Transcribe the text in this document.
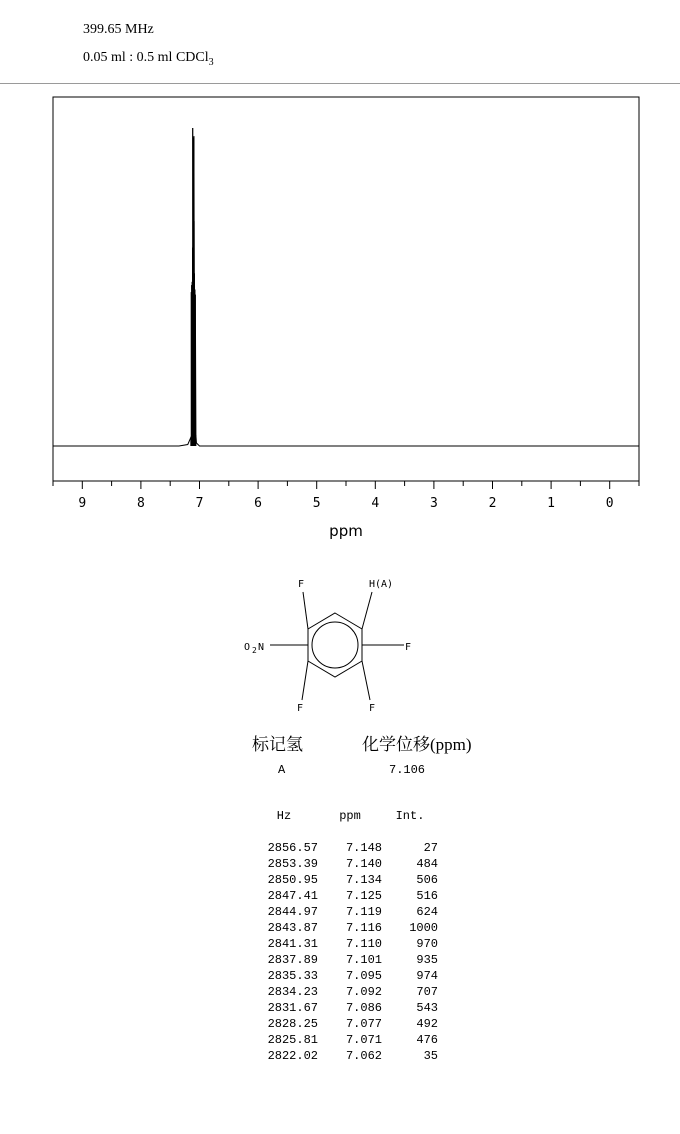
399.65 MHz
0.05 ml : 0.5 ml CDCl$_3$
9	8	7	6	5	4	3	2	1	0
ppm
F	H(A)
O 2 N	F
F
F
标记氢	化学位移(ppm)
A	7.106
Hz	ppm	Int.
2856.57 7.148	27
2853.39 7.140	484
2850.95 7.134	506
2847.41 7.125	516
2844.97 7.119	624
2843.87 7.116 1000
2841.31 7.110	970
2837.89 7.101	935
2835.33 7.095	974
2834.23 7.092	707
2831.67 7.086	543
2828.25 7.077	492
2825.81 7.071	476
2822.02 7.062	35
